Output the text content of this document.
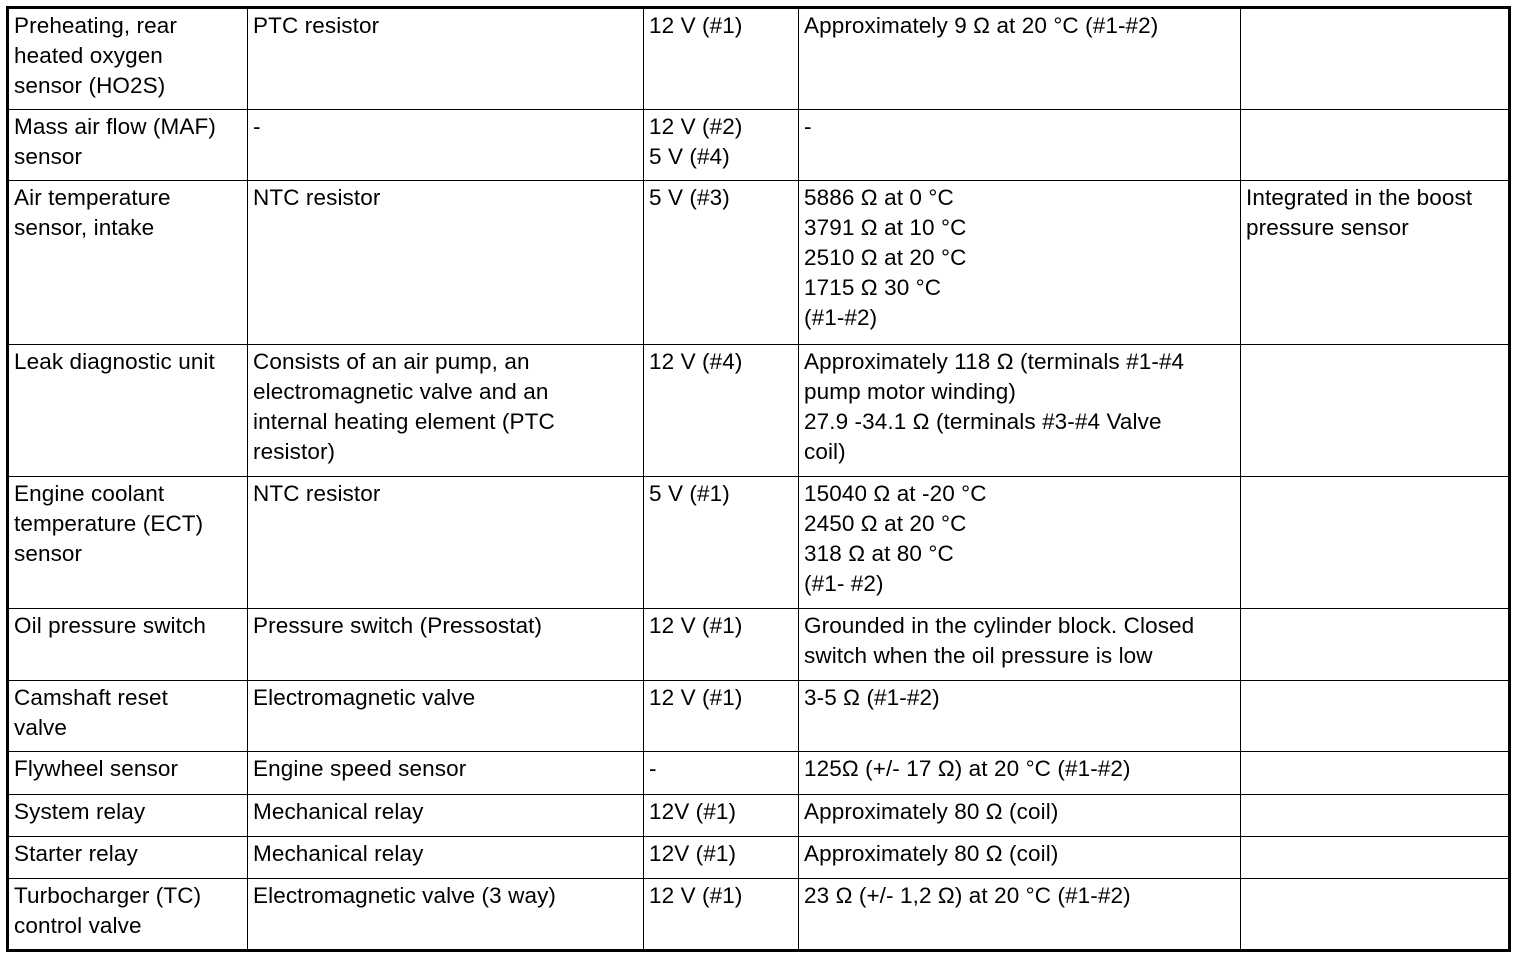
Preheating, rear
heated oxygen
sensor (HO2S)	PTC resistor	12 V (#1)	Approximately 9 Ω at 20 °C (#1-#2)	

Mass air flow (MAF)
sensor	-	12 V (#2)
5 V (#4)	-	

Air temperature
sensor, intake	NTC resistor	5 V (#3)	5886 Ω at 0 °C
3791 Ω at 10 °C
2510 Ω at 20 °C
1715 Ω 30 °C
(#1-#2)	Integrated in the boost
pressure sensor

Leak diagnostic unit	Consists of an air pump, an
electromagnetic valve and an
internal heating element (PTC
resistor)	12 V (#4)	Approximately 118 Ω (terminals #1-#4
pump motor winding)
27.9 -34.1 Ω (terminals #3-#4 Valve
coil)	

Engine coolant
temperature (ECT)
sensor	NTC resistor	5 V (#1)	15040 Ω at -20 °C
2450 Ω at 20 °C
318 Ω at 80 °C
(#1- #2)	

Oil pressure switch	Pressure switch (Pressostat)	12 V (#1)	Grounded in the cylinder block. Closed
switch when the oil pressure is low	

Camshaft reset
valve	Electromagnetic valve	12 V (#1)	3-5 Ω (#1-#2)	

Flywheel sensor	Engine speed sensor	-	125Ω (+/- 17 Ω) at 20 °C (#1-#2)	

System relay	Mechanical relay	12V (#1)	Approximately 80 Ω (coil)	

Starter relay	Mechanical relay	12V (#1)	Approximately 80 Ω (coil)	

Turbocharger (TC)
control valve	Electromagnetic valve (3 way)	12 V (#1)	23 Ω (+/- 1,2 Ω) at 20 °C (#1-#2)	
